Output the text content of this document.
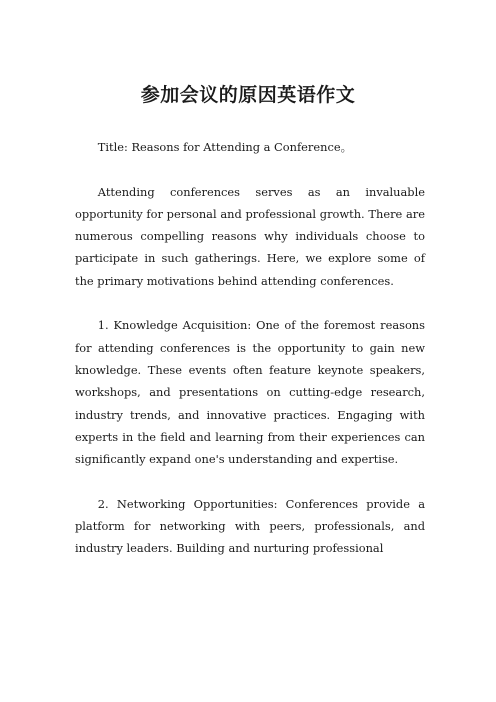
参加会议的原因英语作文

Title: Reasons for Attending a Conference。

Attending conferences serves as an invaluable opportunity for personal and professional growth. There are numerous compelling reasons why individuals choose to participate in such gatherings. Here, we explore some of the primary motivations behind attending conferences.

1. Knowledge Acquisition: One of the foremost reasons for attending conferences is the opportunity to gain new knowledge. These events often feature keynote speakers, workshops, and presentations on cutting-edge research, industry trends, and innovative practices. Engaging with experts in the field and learning from their experiences can significantly expand one's understanding and expertise.

2. Networking Opportunities: Conferences provide a platform for networking with peers, professionals, and industry leaders. Building and nurturing professional
